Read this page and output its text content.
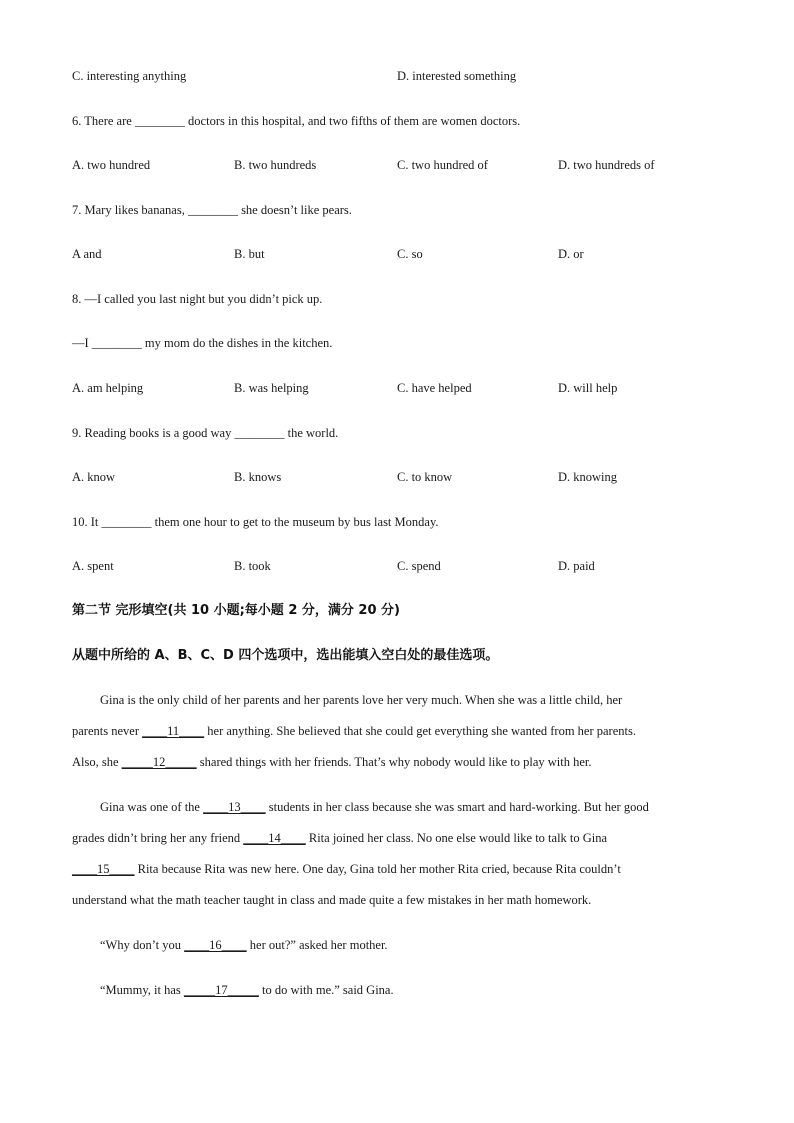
C. interesting anything	D. interested something
6. There are ________ doctors in this hospital, and two fifths of them are women doctors.
A. two hundred	B. two hundreds	C. two hundred of	D. two hundreds of
7. Mary likes bananas, ________ she doesn’t like pears.
A and	B. but	C. so	D. or
8. —I called you last night but you didn’t pick up.
—I ________ my mom do the dishes in the kitchen.
A. am helping	B. was helping	C. have helped	D. will help
9. Reading books is a good way ________ the world.
A. know	B. knows	C. to know	D. knowing
10. It ________ them one hour to get to the museum by bus last Monday.
A. spent	B. took	C. spend	D. paid
第二节 完形填空(共 10 小题;每小题 2 分，满分 20 分)
从题中所给的 A、B、C、D 四个选项中，选出能填入空白处的最佳选项。
Gina is the only child of her parents and her parents love her very much. When she was a little child, her
parents never ____11____ her anything. She believed that she could get everything she wanted from her parents.
Also, she _____12_____ shared things with her friends. That’s why nobody would like to play with her.
Gina was one of the ____13____ students in her class because she was smart and hard-working. But her good
grades didn’t bring her any friend ____14____ Rita joined her class. No one else would like to talk to Gina
____15____ Rita because Rita was new here. One day, Gina told her mother Rita cried, because Rita couldn’t
understand what the math teacher taught in class and made quite a few mistakes in her math homework.
“Why don’t you ____16____ her out?” asked her mother.
“Mummy, it has _____17_____ to do with me.” said Gina.
